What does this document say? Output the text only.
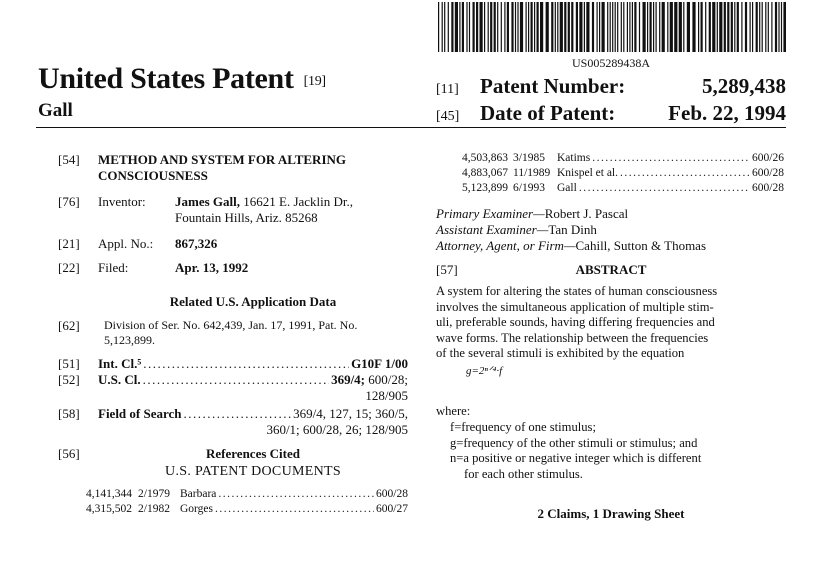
US005289438A
United States Patent [19]
Gall
[11] Patent Number:	5,289,438
[45] Date of Patent:	Feb. 22, 1994
[54] METHOD AND SYSTEM FOR ALTERING
CONSCIOUSNESS
[76] Inventor: James Gall, 16621 E. Jacklin Dr.,
Fountain Hills, Ariz. 85268
[21] Appl. No.: 867,326
[22] Filed:	Apr. 13, 1992
Related U.S. Application Data
[62] Division of Ser. No. 642,439, Jan. 17, 1991, Pat. No.
5,123,899.
[51] Int. Cl.⁵ .....	G10F 1/00
[52] U.S. Cl. .....	369/4; 600/28;
128/905
[58] Field of Search .....	369/4, 127, 15; 360/5,
360/1; 600/28, 26; 128/905
[56]	References Cited
U.S. PATENT DOCUMENTS
4,141,344 2/1979 Barbara .....	600/28
4,315,502 2/1982 Gorges .....	600/27
4,503,863 3/1985	Katims .....	600/26
4,883,067 11/1989 Knispel et al. .....	600/28
5,123,899 6/1993	Gall .....	600/28
Primary Examiner—Robert J. Pascal
Assistant Examiner—Tan Dinh
Attorney, Agent, or Firm—Cahill, Sutton & Thomas
[57]	ABSTRACT
A system for altering the states of human consciousness
involves the simultaneous application of multiple stim-
uli, preferable sounds, having differing frequencies and
wave forms. The relationship between the frequencies
of the several stimuli is exhibited by the equation
g=2ⁿᐟ⁴·f
where:
f=frequency of one stimulus;
g=frequency of the other stimuli or stimulus; and
n=a positive or negative integer which is different
for each other stimulus.
2 Claims, 1 Drawing Sheet
